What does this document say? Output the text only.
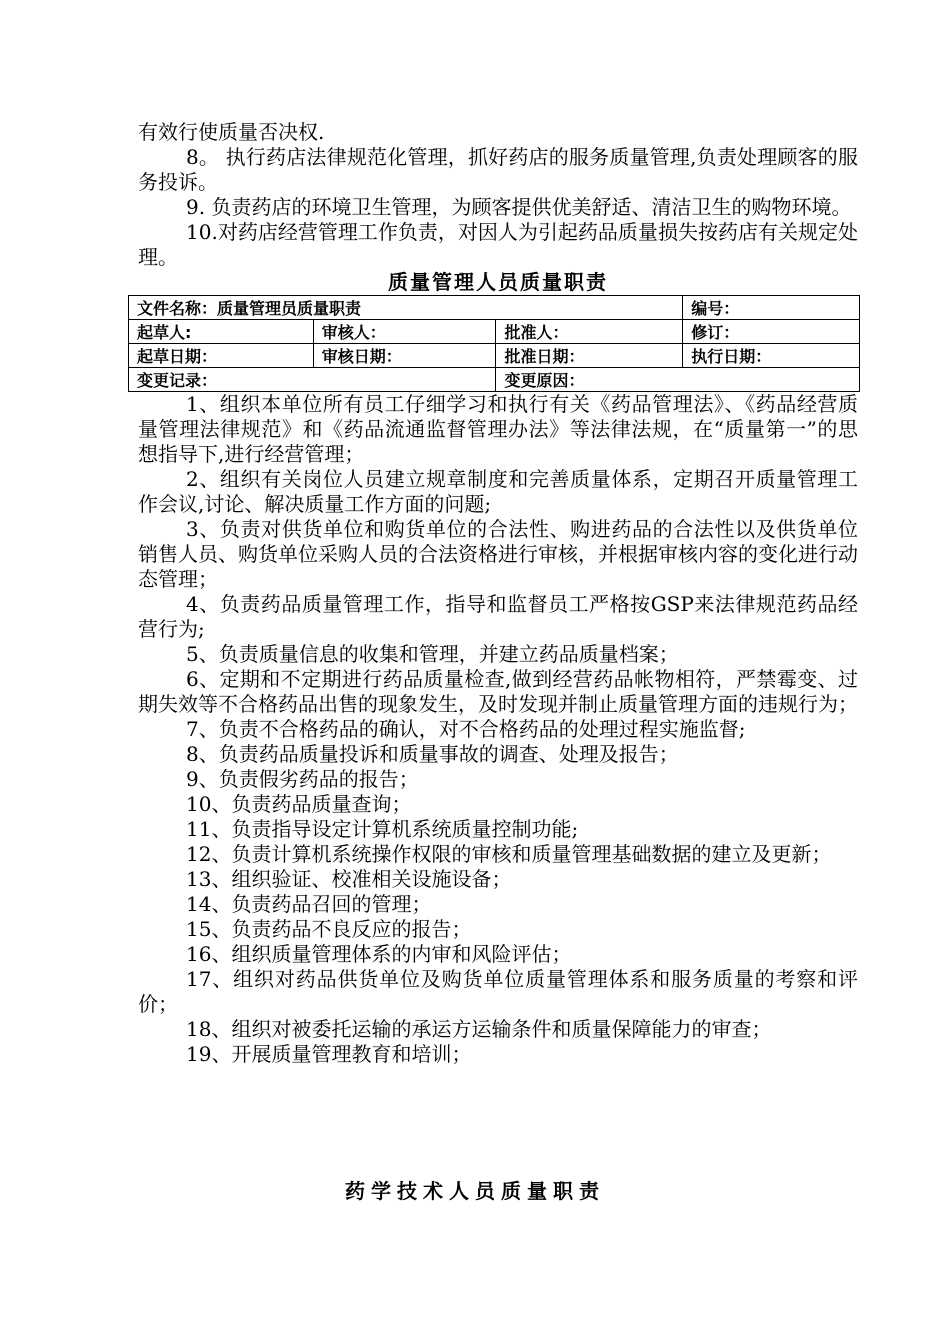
有效行使质量否决权.

8。 执行药店法律规范化管理，抓好药店的服务质量管理,负责处理顾客的服务投诉。

9. 负责药店的环境卫生管理，为顾客提供优美舒适、清洁卫生的购物环境。

10.对药店经营管理工作负责，对因人为引起药品质量损失按药店有关规定处理。

质量管理人员质量职责

文件名称：质量管理员质量职责			编号：
起草人:	审核人：	批准人：	修订：
起草日期：	审核日期：	批准日期：	执行日期：
变更记录：		变更原因：	

1、组织本单位所有员工仔细学习和执行有关《药品管理法》、《药品经营质量管理法律规范》和《药品流通监督管理办法》等法律法规，在“质量第一”的思想指导下,进行经营管理；

2、组织有关岗位人员建立规章制度和完善质量体系，定期召开质量管理工作会议,讨论、解决质量工作方面的问题;

3、负责对供货单位和购货单位的合法性、购进药品的合法性以及供货单位销售人员、购货单位采购人员的合法资格进行审核，并根据审核内容的变化进行动态管理；

4、负责药品质量管理工作，指导和监督员工严格按GSP来法律规范药品经营行为;

5、负责质量信息的收集和管理，并建立药品质量档案；

6、定期和不定期进行药品质量检查,做到经营药品帐物相符，严禁霉变、过期失效等不合格药品出售的现象发生，及时发现并制止质量管理方面的违规行为；

7、负责不合格药品的确认，对不合格药品的处理过程实施监督;

8、负责药品质量投诉和质量事故的调查、处理及报告；

9、负责假劣药品的报告；

10、负责药品质量查询；

11、负责指导设定计算机系统质量控制功能;

12、负责计算机系统操作权限的审核和质量管理基础数据的建立及更新；

13、组织验证、校准相关设施设备；

14、负责药品召回的管理；

15、负责药品不良反应的报告；

16、组织质量管理体系的内审和风险评估；

17、组织对药品供货单位及购货单位质量管理体系和服务质量的考察和评价；

18、组织对被委托运输的承运方运输条件和质量保障能力的审查；

19、开展质量管理教育和培训；

药学技术人员质量职责
